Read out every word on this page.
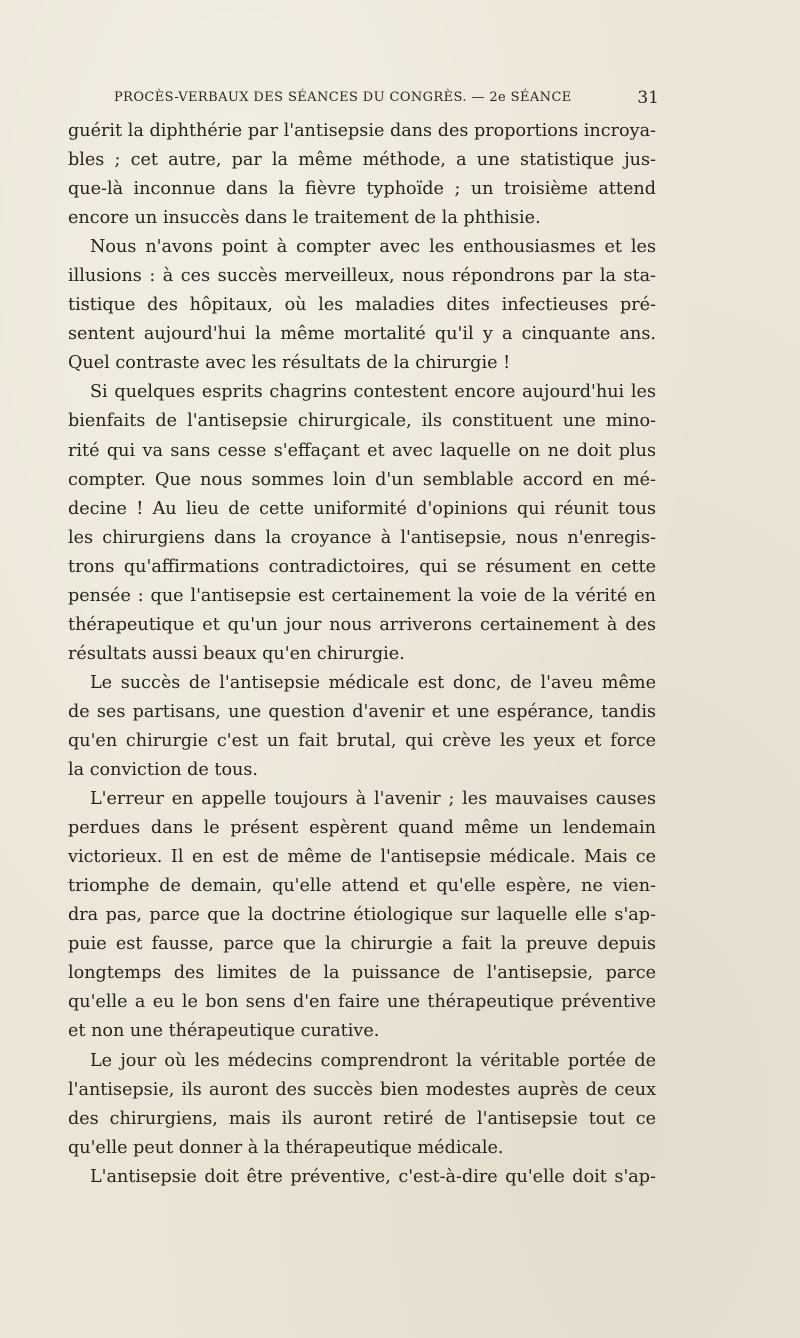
PROCÈS-VERBAUX DES SÉANCES DU CONGRÈS. — 2e SÉANCE	31
guérit la diphthérie par l'antisepsie dans des proportions incroya-
bles ; cet autre, par la même méthode, a une statistique jus-
que-là inconnue dans la fièvre typhoïde ; un troisième attend
encore un insuccès dans le traitement de la phthisie.
Nous n'avons point à compter avec les enthousiasmes et les
illusions : à ces succès merveilleux, nous répondrons par la sta-
tistique des hôpitaux, où les maladies dites infectieuses pré-
sentent aujourd'hui la même mortalité qu'il y a cinquante ans.
Quel contraste avec les résultats de la chirurgie !
Si quelques esprits chagrins contestent encore aujourd'hui les
bienfaits de l'antisepsie chirurgicale, ils constituent une mino-
rité qui va sans cesse s'effaçant et avec laquelle on ne doit plus
compter. Que nous sommes loin d'un semblable accord en mé-
decine ! Au lieu de cette uniformité d'opinions qui réunit tous
les chirurgiens dans la croyance à l'antisepsie, nous n'enregis-
trons qu'affirmations contradictoires, qui se résument en cette
pensée : que l'antisepsie est certainement la voie de la vérité en
thérapeutique et qu'un jour nous arriverons certainement à des
résultats aussi beaux qu'en chirurgie.
Le succès de l'antisepsie médicale est donc, de l'aveu même
de ses partisans, une question d'avenir et une espérance, tandis
qu'en chirurgie c'est un fait brutal, qui crève les yeux et force
la conviction de tous.
L'erreur en appelle toujours à l'avenir ; les mauvaises causes
perdues dans le présent espèrent quand même un lendemain
victorieux. Il en est de même de l'antisepsie médicale. Mais ce
triomphe de demain, qu'elle attend et qu'elle espère, ne vien-
dra pas, parce que la doctrine étiologique sur laquelle elle s'ap-
puie est fausse, parce que la chirurgie a fait la preuve depuis
longtemps des limites de la puissance de l'antisepsie, parce
qu'elle a eu le bon sens d'en faire une thérapeutique préventive
et non une thérapeutique curative.
Le jour où les médecins comprendront la véritable portée de
l'antisepsie, ils auront des succès bien modestes auprès de ceux
des chirurgiens, mais ils auront retiré de l'antisepsie tout ce
qu'elle peut donner à la thérapeutique médicale.
L'antisepsie doit être préventive, c'est-à-dire qu'elle doit s'ap-
